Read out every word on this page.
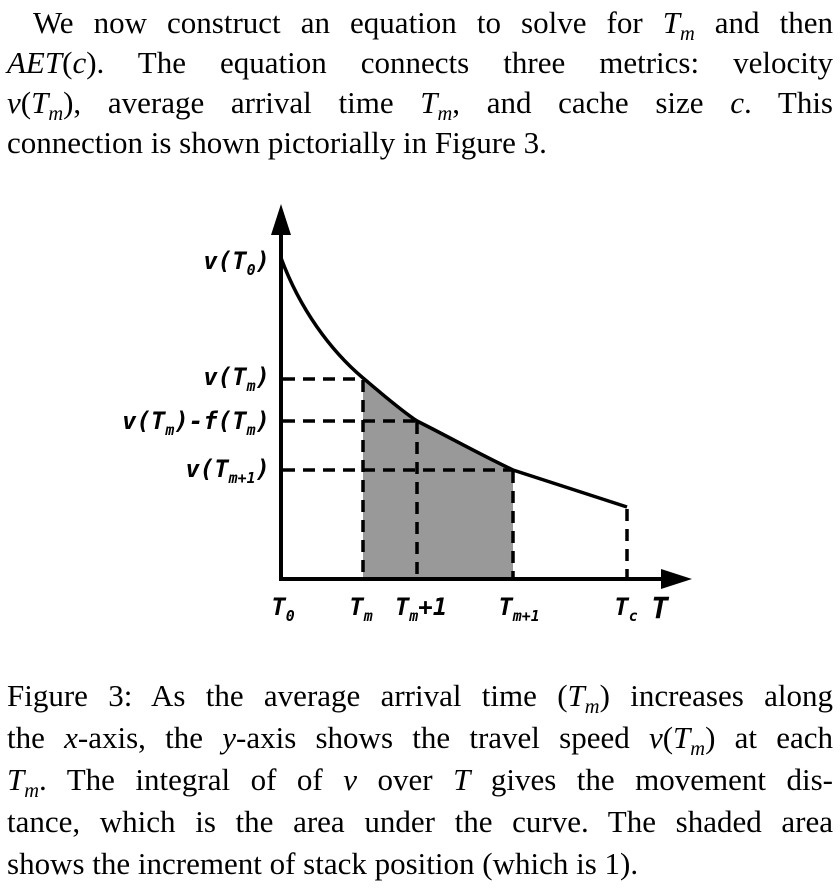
We now construct an equation to solve for $T_m$ and then
AET(c). The equation connects three metrics: velocity
$v(T_m)$, average arrival time $T_m$, and cache size c. This
connection is shown pictorially in Figure 3.
$v(T_0)$
$v(T_m)$
$v(T_m)-f(T_m)$
$v(T_{m+1})$
$T_0$ $T_m$ $T_m+1$ $T_{m+1}$	$T_c$ T
Figure 3: As the average arrival time $(T_m)$ increases along
the x-axis, the y-axis shows the travel speed $v(T_m)$ at each
$T_m$. The integral of of v over T gives the movement dis-
tance, which is the area under the curve. The shaded area
shows the increment of stack position (which is 1).
